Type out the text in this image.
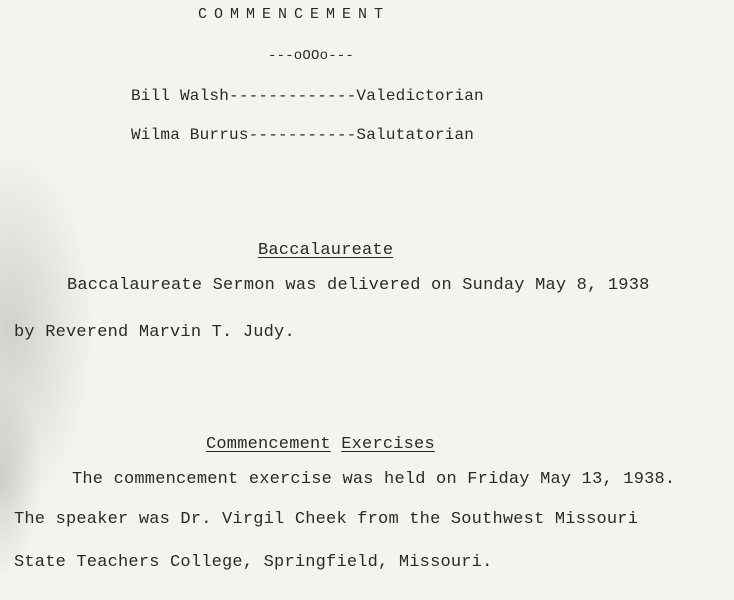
COMMENCEMENT
---oOOo---
Bill Walsh-------------Valedictorian
Wilma Burrus-----------Salutatorian
Baccalaureate
Baccalaureate Sermon was delivered on Sunday May 8, 1938
by Reverend Marvin T. Judy.
Commencement Exercises
The commencement exercise was held on Friday May 13, 1938.
The speaker was Dr. Virgil Cheek from the Southwest Missouri
State Teachers College, Springfield, Missouri.
